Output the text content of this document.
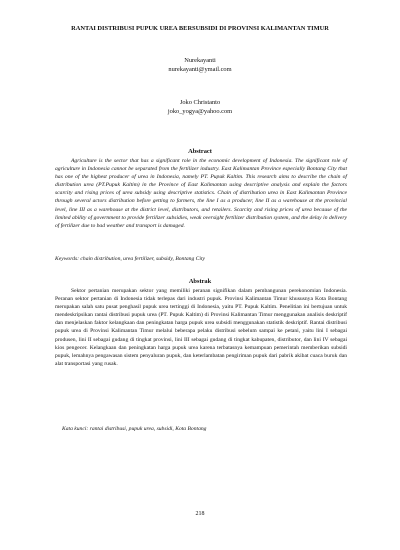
RANTAI DISTRIBUSI PUPUK UREA BERSUBSIDI DI PROVINSI KALIMANTAN TIMUR
Nurekayanti
nurekayanti@ymail.com
Joko Christanto
joko_yogya@yahoo.com
Abstract
Agriculture is the sector that has a significant role in the economic development of Indonesia. The significant role of agriculture in Indonesia cannot be separated from the fertilizer industry. East Kalimantan Province especially Bontang City that has one of the highest producer of urea in Indonesia, namely PT. Pupuk Kaltim. This research aims to describe the chain of distribution urea (PT.Pupuk Kaltim) in the Province of East Kalimantan using descriptive analysis and explain the factors scarcity and rising prices of urea subsidy using descriptive statistics. Chain of distribution urea in East Kalimantan Province through several actors distribution before getting to farmers, the line I as a producer, line II as a warehouse at the provincial level, line III as a warehouse at the district level, distributors, and retailers. Scarcity and rising prices of urea because of the limited ability of government to provide fertilizer subsidies, weak oversight fertilizer distribution system, and the delay in delivery of fertilizer due to bad weather and transport is damaged.
Keywords: chain distribution, urea fertilizer, subsidy, Bontang City
Abstrak
Sektor pertanian merupakan sektor yang memiliki peranan signifikan dalam pembangunan perekonomian Indonesia. Peranan sektor pertanian di Indonesia tidak terlepas dari industri pupuk. Provinsi Kalimantan Timur khususnya Kota Bontang merupakan salah satu pusat penghasil pupuk urea tertinggi di Indonesia, yaitu PT. Pupuk Kaltim. Penelitian ini bertujuan untuk mendeskripsikan rantai distribusi pupuk urea (PT. Pupuk Kaltim) di Provinsi Kalimantan Timur menggunakan analisis deskriptif dan menjelaskan faktor kelangkaan dan peningkatan harga pupuk urea subsidi menggunakan statistik deskriptif. Rantai distribusi pupuk urea di Provinsi Kalimantan Timur melalui beberapa pelaku distribusi sebelum sampai ke petani, yaitu lini I sebagai produsen, lini II sebagai gudang di tingkat provinsi, lini III sebagai gudang di tingkat kabupaten, distributor, dan lini IV sebagai kios pengecer. Kelangkaan dan peningkatan harga pupuk urea karena terbatasnya kemampuan pemerintah memberikan subsidi pupuk, lemahnya pengawasan sistem penyaluran pupuk, dan keterlambatan pengiriman pupuk dari pabrik akibat cuaca buruk dan alat transportasi yang rusak.
Kata kunci: rantai distribusi, pupuk urea, subsidi, Kota Bontang
218
